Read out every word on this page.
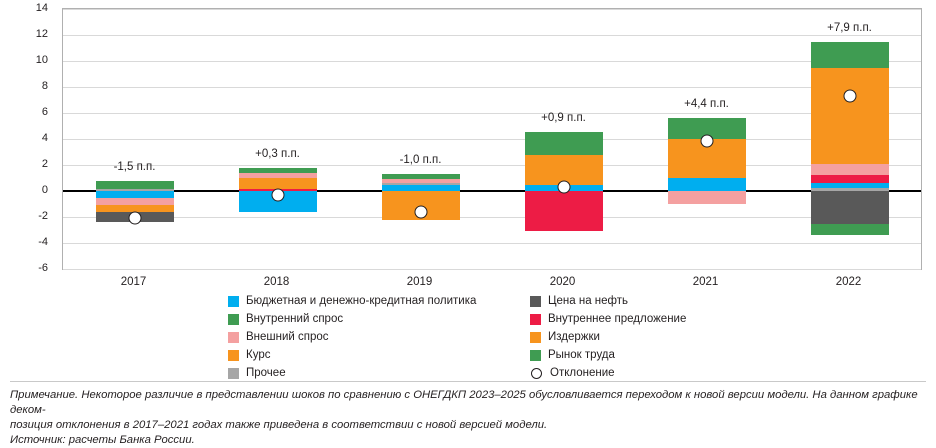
-6
-4
-2
0
2
4
6
8
10
12
14
-1,5 п.п.
+0,3 п.п.
-1,0 п.п.
+0,9 п.п.
+4,4 п.п.
+7,9 п.п.
Бюджетная и денежно-кредитная политика
Внутренний спрос
Внешний спрос
Курс
Прочее
Цена на нефть
Внутреннее предложение
Издержки
Рынок труда
Отклонение
Примечание. Некоторое различие в представлении шоков по сравнению с ОНЕГДКП 2023–2025 обусловливается переходом к новой версии модели. На данном графике деком-
позиция отклонения в 2017–2021 годах также приведена в соответствии с новой версией модели.
Источник: расчеты Банка России.
2017	2018	2019	2020	2021	2022
